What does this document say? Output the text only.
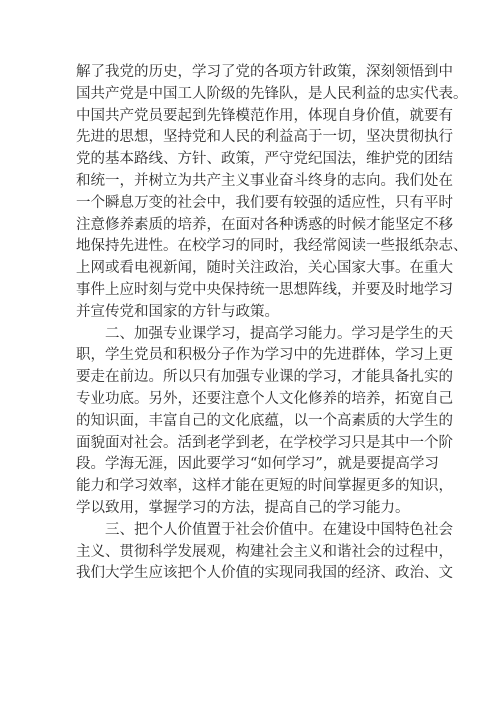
解了我党的历史，学习了党的各项方针政策，深刻领悟到中
国共产党是中国工人阶级的先锋队，是人民利益的忠实代表。
中国共产党员要起到先锋模范作用，体现自身价值，就要有
先进的思想，坚持党和人民的利益高于一切，坚决贯彻执行
党的基本路线、方针、政策，严守党纪国法，维护党的团结
和统一，并树立为共产主义事业奋斗终身的志向。我们处在
一个瞬息万变的社会中，我们要有较强的适应性，只有平时
注意修养素质的培养，在面对各种诱惑的时候才能坚定不移
地保持先进性。在校学习的同时，我经常阅读一些报纸杂志、
上网或看电视新闻，随时关注政治，关心国家大事。在重大
事件上应时刻与党中央保持统一思想阵线，并要及时地学习
并宣传党和国家的方针与政策。
二、加强专业课学习，提高学习能力。学习是学生的天
职，学生党员和积极分子作为学习中的先进群体，学习上更
要走在前边。所以只有加强专业课的学习，才能具备扎实的
专业功底。另外，还要注意个人文化修养的培养，拓宽自己
的知识面，丰富自己的文化底蕴，以一个高素质的大学生的
面貌面对社会。活到老学到老，在学校学习只是其中一个阶
段。学海无涯，因此要学习“如何学习”，就是要提高学习
能力和学习效率，这样才能在更短的时间掌握更多的知识，
学以致用，掌握学习的方法，提高自己的学习能力。
三、把个人价值置于社会价值中。在建设中国特色社会
主义、贯彻科学发展观，构建社会主义和谐社会的过程中，
我们大学生应该把个人价值的实现同我国的经济、政治、文
